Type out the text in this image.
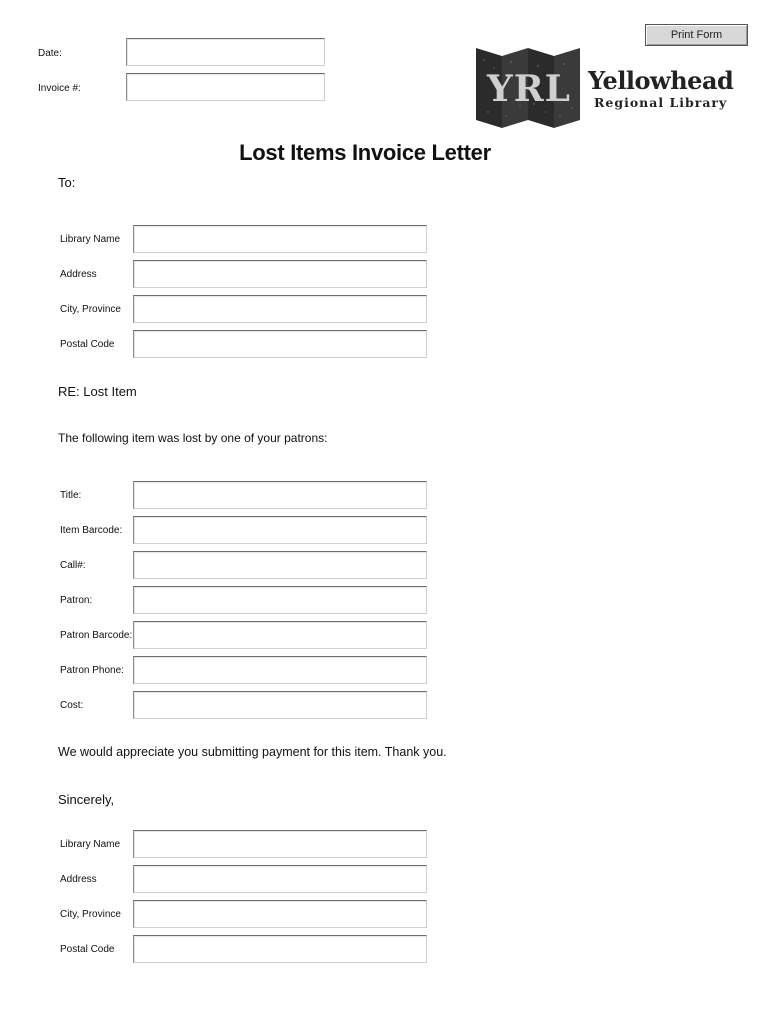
Print Form
Date:
Invoice #:	YRL Yellowhead
Regional Library
Lost Items Invoice Letter
To:
Library Name
Address
City, Province
Postal Code
RE: Lost Item
The following item was lost by one of your patrons:
Title:
Item Barcode:
Call#:
Patron:
Patron Barcode:
Patron Phone:
Cost:
We would appreciate you submitting payment for this item. Thank you.
Sincerely,
Library Name
Address
City, Province
Postal Code
